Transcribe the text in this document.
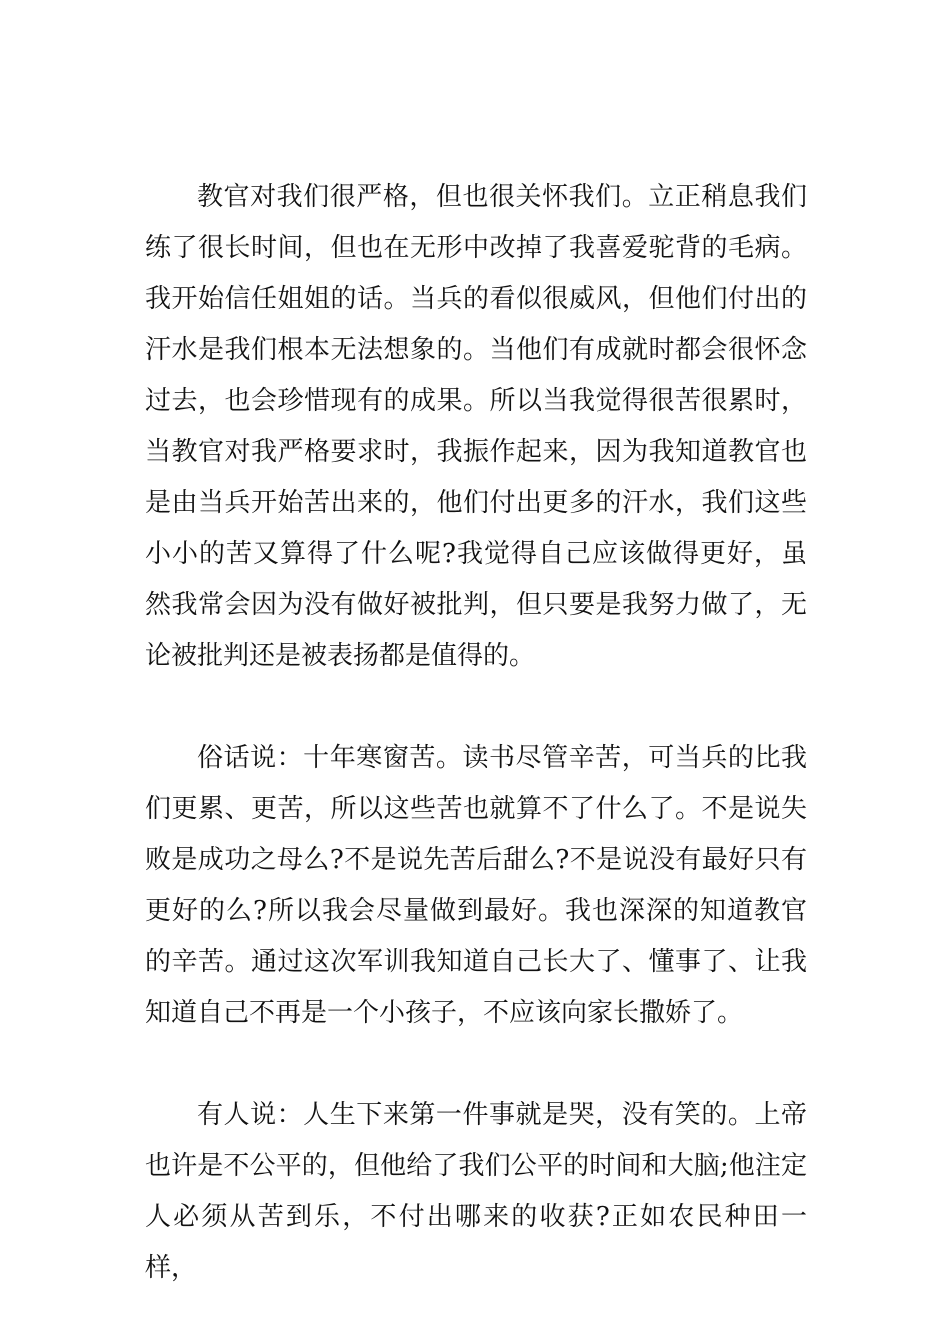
教官对我们很严格，但也很关怀我们。立正稍息我们练了很长时间，但也在无形中改掉了我喜爱驼背的毛病。我开始信任姐姐的话。当兵的看似很威风，但他们付出的汗水是我们根本无法想象的。当他们有成就时都会很怀念过去，也会珍惜现有的成果。所以当我觉得很苦很累时，当教官对我严格要求时，我振作起来，因为我知道教官也是由当兵开始苦出来的，他们付出更多的汗水，我们这些小小的苦又算得了什么呢?我觉得自己应该做得更好，虽然我常会因为没有做好被批判，但只要是我努力做了，无论被批判还是被表扬都是值得的。

俗话说：十年寒窗苦。读书尽管辛苦，可当兵的比我们更累、更苦，所以这些苦也就算不了什么了。不是说失败是成功之母么?不是说先苦后甜么?不是说没有最好只有更好的么?所以我会尽量做到最好。我也深深的知道教官的辛苦。通过这次军训我知道自己长大了、懂事了、让我知道自己不再是一个小孩子，不应该向家长撒娇了。

有人说：人生下来第一件事就是哭，没有笑的。上帝也许是不公平的，但他给了我们公平的时间和大脑;他注定人必须从苦到乐，不付出哪来的收获?正如农民种田一样，
